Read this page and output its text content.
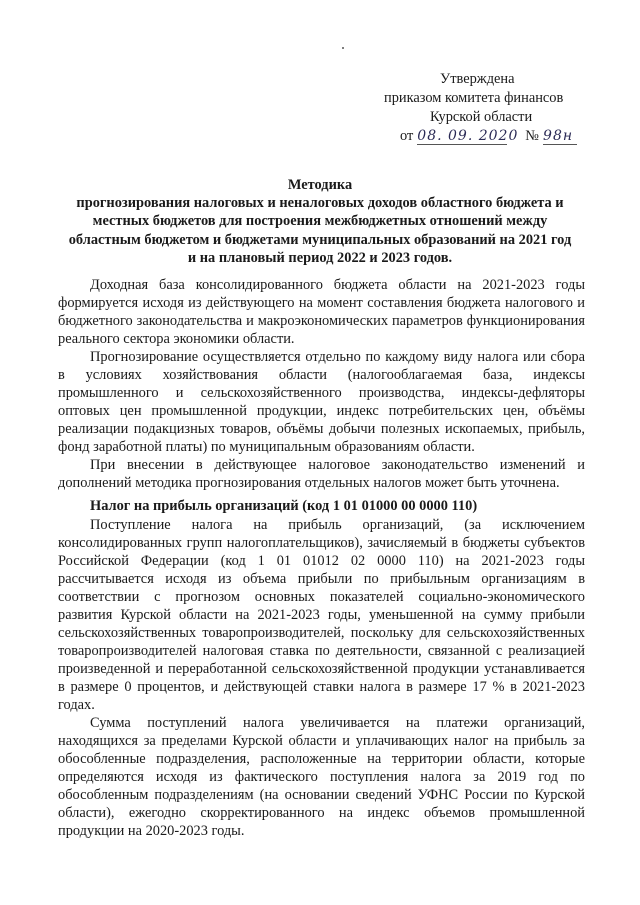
Утверждена
приказом комитета финансов
Курской области
от 08. 09. 2020 № 98н
Методика
прогнозирования налоговых и неналоговых доходов областного бюджета и
местных бюджетов для построения межбюджетных отношений между
областным бюджетом и бюджетами муниципальных образований на 2021 год
и на плановый период 2022 и 2023 годов.

Доходная база консолидированного бюджета области на 2021-2023 годы формируется исходя из действующего на момент составления бюджета налогового и бюджетного законодательства и макроэкономических параметров функционирования реального сектора экономики области.

Прогнозирование осуществляется отдельно по каждому виду налога или сбора в условиях хозяйствования области (налогооблагаемая база, индексы промышленного и сельскохозяйственного производства, индексы-дефляторы оптовых цен промышленной продукции, индекс потребительских цен, объёмы реализации подакцизных товаров, объёмы добычи полезных ископаемых, прибыль, фонд заработной платы) по муниципальным образованиям области.

При внесении в действующее налоговое законодательство изменений и дополнений методика прогнозирования отдельных налогов может быть уточнена.

Налог на прибыль организаций (код 1 01 01000 00 0000 110)

Поступление налога на прибыль организаций, (за исключением консолидированных групп налогоплательщиков), зачисляемый в бюджеты субъектов Российской Федерации (код 1 01 01012 02 0000 110) на 2021-2023 годы рассчитывается исходя из объема прибыли по прибыльным организациям в соответствии с прогнозом основных показателей социально-экономического развития Курской области на 2021-2023 годы, уменьшенной на сумму прибыли сельскохозяйственных товаропроизводителей, поскольку для сельскохозяйственных товаропроизводителей налоговая ставка по деятельности, связанной с реализацией произведенной и переработанной сельскохозяйственной продукции устанавливается в размере 0 процентов, и действующей ставки налога в размере 17 % в 2021-2023 годах.

Сумма поступлений налога увеличивается на платежи организаций, находящихся за пределами Курской области и уплачивающих налог на прибыль за обособленные подразделения, расположенные на территории области, которые определяются исходя из фактического поступления налога за 2019 год по обособленным подразделениям (на основании сведений УФНС России по Курской области), ежегодно скорректированного на индекс объемов промышленной продукции на 2020-2023 годы.
